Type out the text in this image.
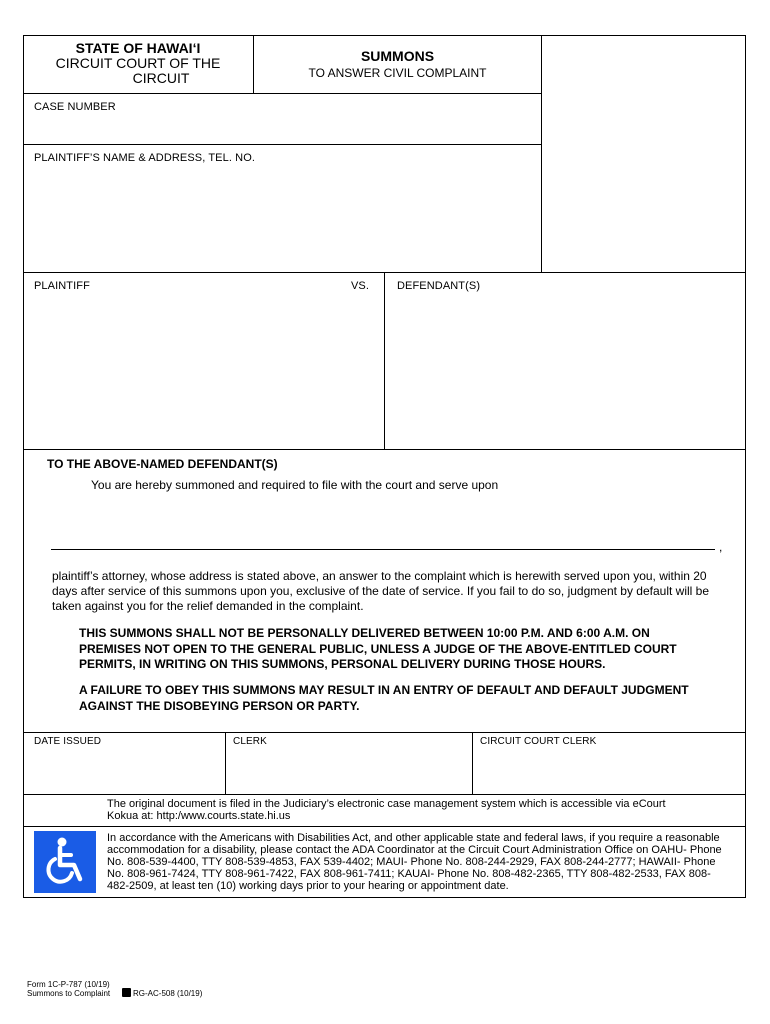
STATE OF HAWAI‘I
CIRCUIT COURT OF THE
CIRCUIT
SUMMONS
TO ANSWER CIVIL COMPLAINT
CASE NUMBER
PLAINTIFF’S NAME & ADDRESS, TEL. NO.
PLAINTIFF	VS.	DEFENDANT(S)
TO THE ABOVE-NAMED DEFENDANT(S)
You are hereby summoned and required to file with the court and serve upon
,
plaintiff’s attorney, whose address is stated above, an answer to the complaint which is herewith served upon you, within 20 days after service of this summons upon you, exclusive of the date of service. If you fail to do so, judgment by default will be taken against you for the relief demanded in the complaint.
THIS SUMMONS SHALL NOT BE PERSONALLY DELIVERED BETWEEN 10:00 P.M. AND 6:00 A.M. ON PREMISES NOT OPEN TO THE GENERAL PUBLIC, UNLESS A JUDGE OF THE ABOVE-ENTITLED COURT PERMITS, IN WRITING ON THIS SUMMONS, PERSONAL DELIVERY DURING THOSE HOURS.
A FAILURE TO OBEY THIS SUMMONS MAY RESULT IN AN ENTRY OF DEFAULT AND DEFAULT JUDGMENT AGAINST THE DISOBEYING PERSON OR PARTY.
DATE ISSUED	CLERK	CIRCUIT COURT CLERK
The original document is filed in the Judiciary’s electronic case management system which is accessible via eCourt Kokua at: http:/www.courts.state.hi.us
In accordance with the Americans with Disabilities Act, and other applicable state and federal laws, if you require a reasonable accommodation for a disability, please contact the ADA Coordinator at the Circuit Court Administration Office on OAHU- Phone No. 808-539-4400, TTY 808-539-4853, FAX 539-4402; MAUI- Phone No. 808-244-2929, FAX 808-244-2777; HAWAII- Phone No. 808-961-7424, TTY 808-961-7422, FAX 808-961-7411; KAUAI- Phone No. 808-482-2365, TTY 808-482-2533, FAX 808-482-2509, at least ten (10) working days prior to your hearing or appointment date.
Form 1C-P-787 (10/19)
Summons to Complaint	RG-AC-508 (10/19)
